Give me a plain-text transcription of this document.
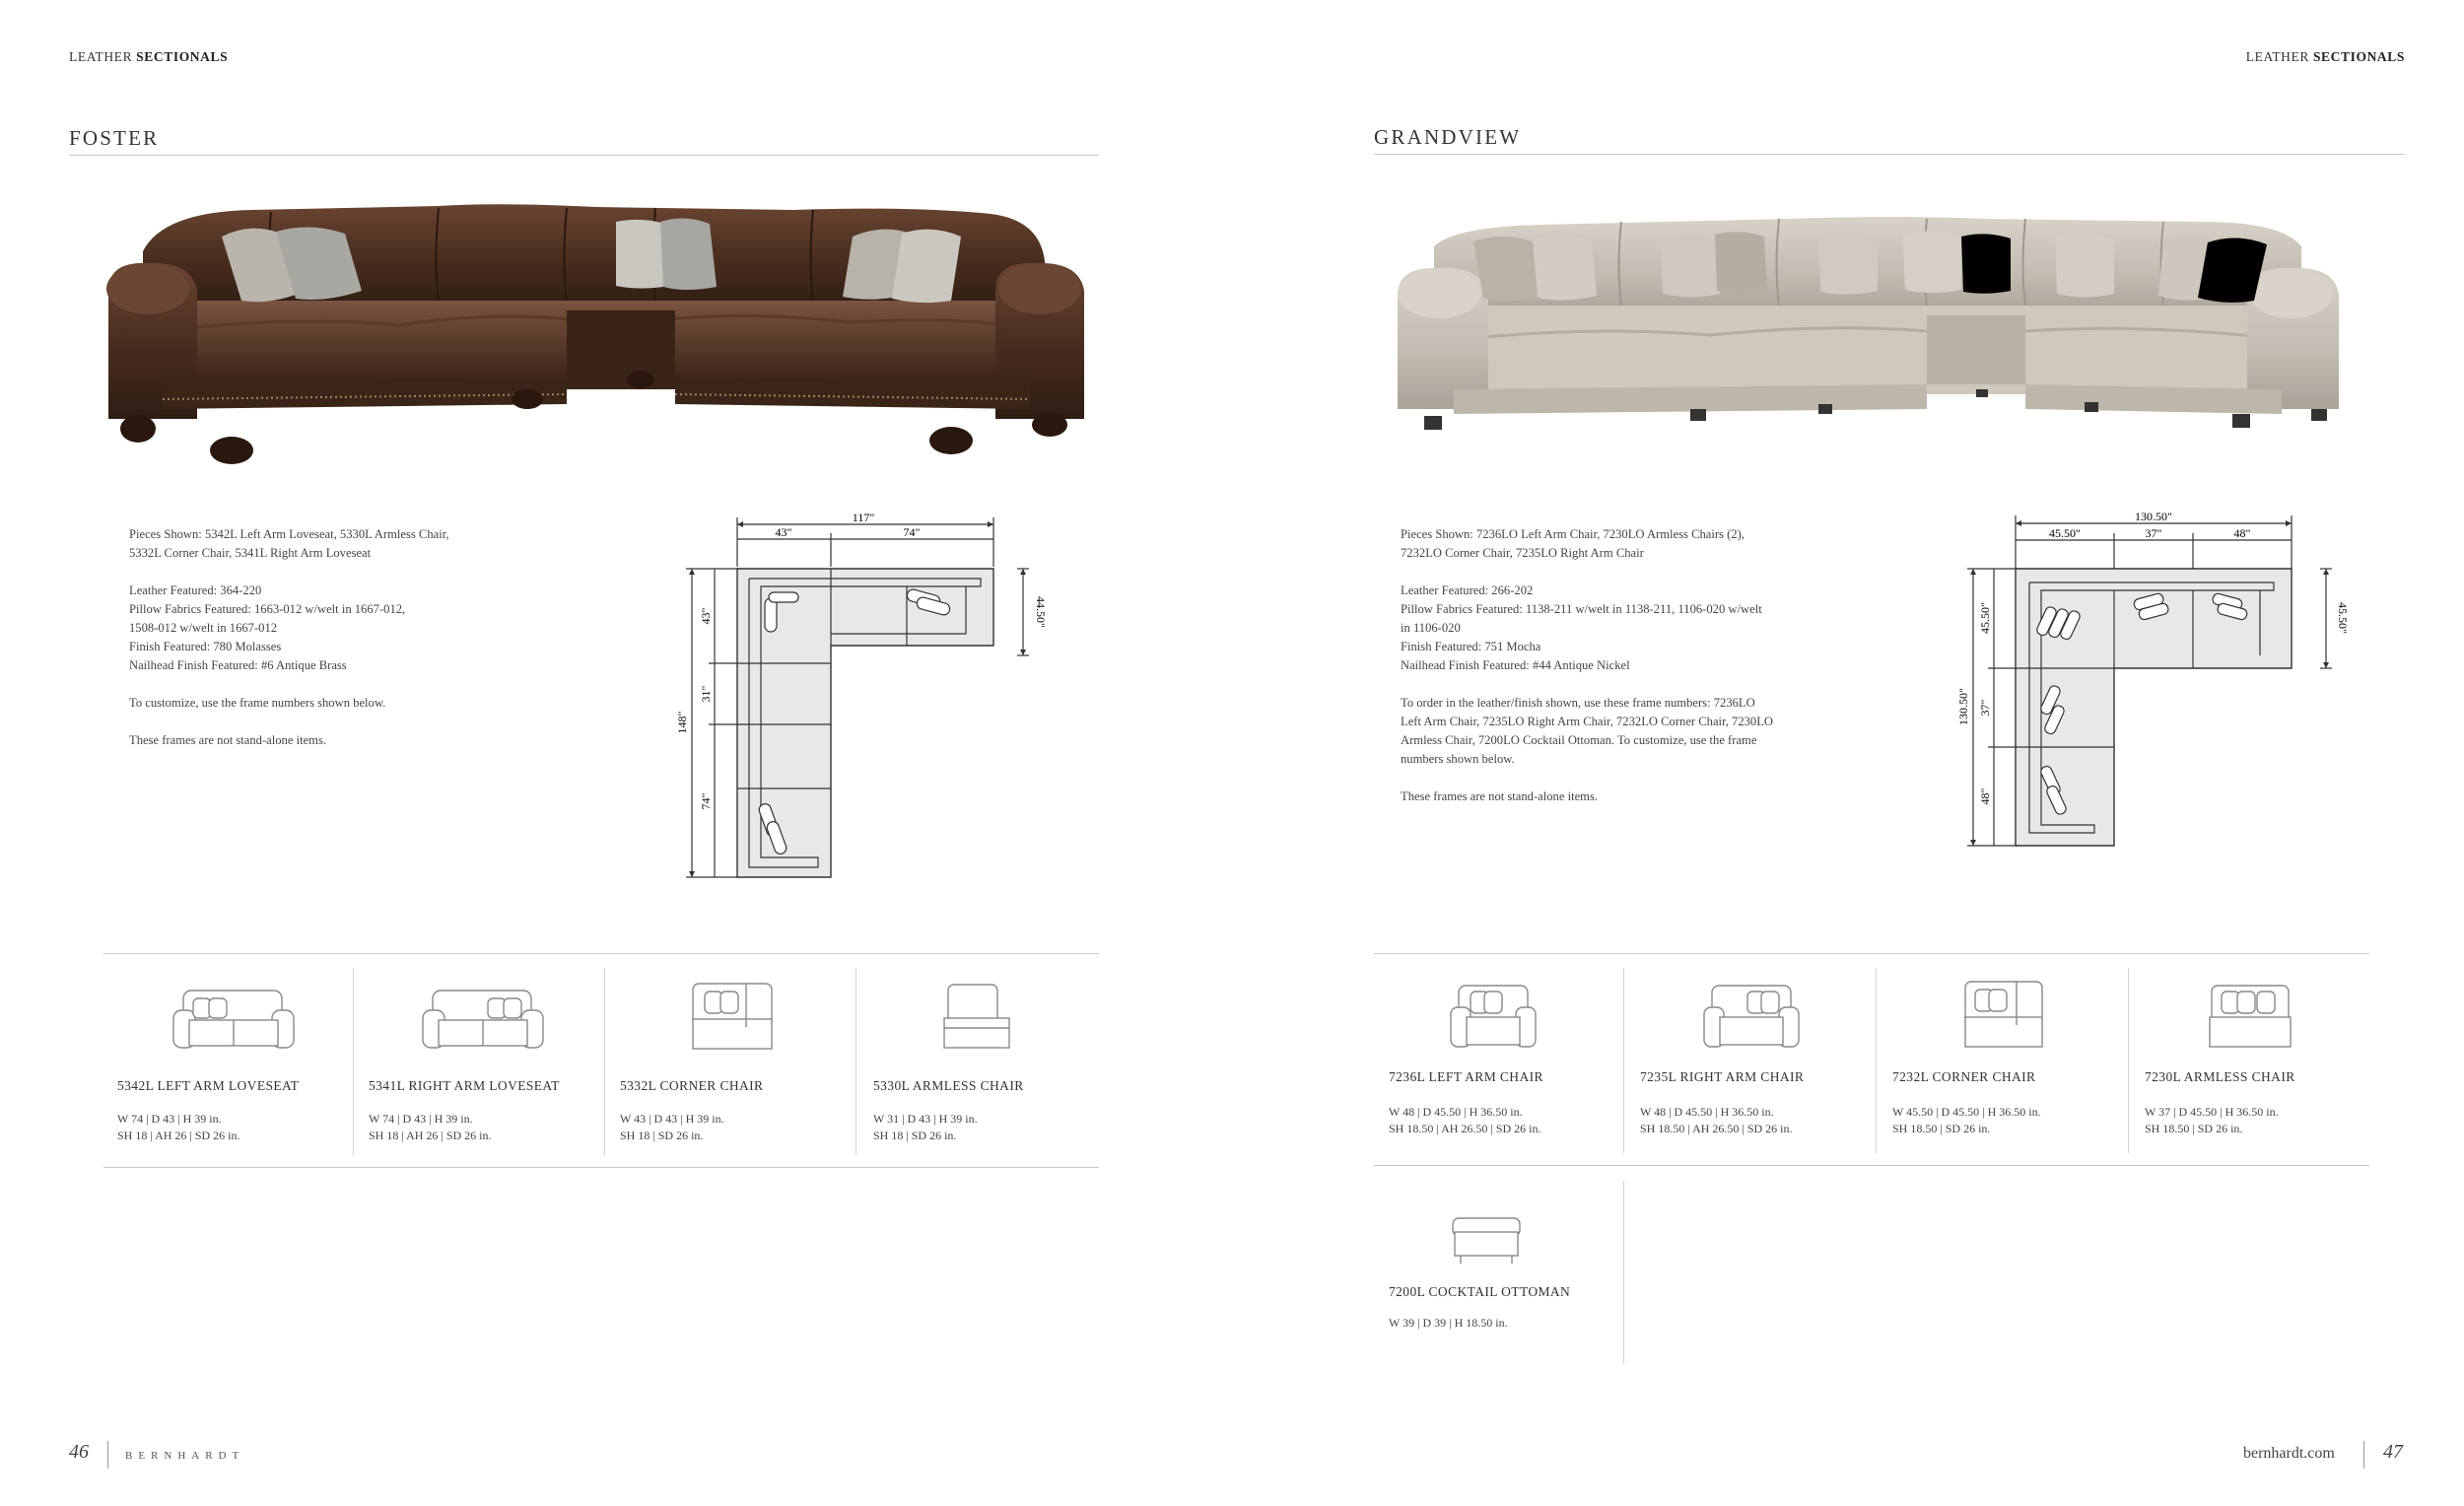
LEATHER SECTIONALS	LEATHER SECTIONALS
FOSTER

Pieces Shown: 5342L Left Arm Loveseat, 5330L Armless Chair,

5332L Corner Chair, 5341L Right Arm Loveseat

Leather Featured: 364-220

Pillow Fabrics Featured: 1663-012 w/welt in 1667-012,

1508-012 w/welt in 1667-012

Finish Featured: 780 Molasses

Nailhead Finish Featured: #6 Antique Brass

To customize, use the frame numbers shown below.

These frames are not stand-alone items.

117"
43"	74"
44.50"
148"
43"
31"
74"
5342L LEFT ARM LOVESEAT
W 74 | D 43 | H 39 in.
SH 18 | AH 26 | SD 26 in.
5341L RIGHT ARM LOVESEAT
W 74 | D 43 | H 39 in.
SH 18 | AH 26 | SD 26 in.
5332L CORNER CHAIR
W 43 | D 43 | H 39 in.
SH 18 | SD 26 in.
5330L ARMLESS CHAIR
W 31 | D 43 | H 39 in.
SH 18 | SD 26 in.
GRANDVIEW

Pieces Shown: 7236LO Left Arm Chair, 7230LO Armless Chairs (2),

7232LO Corner Chair, 7235LO Right Arm Chair

Leather Featured: 266-202

Pillow Fabrics Featured: 1138-211 w/welt in 1138-211, 1106-020 w/welt

in 1106-020

Finish Featured: 751 Mocha

Nailhead Finish Featured: #44 Antique Nickel

To order in the leather/finish shown, use these frame numbers: 7236LO

Left Arm Chair, 7235LO Right Arm Chair, 7232LO Corner Chair, 7230LO

Armless Chair, 7200LO Cocktail Ottoman. To customize, use the frame

numbers shown below.

These frames are not stand-alone items.

130.50"
45.50"	37"	48"
45.50"
130.50"
45.50"
37"
48"
7236L LEFT ARM CHAIR
W 48 | D 45.50 | H 36.50 in.
SH 18.50 | AH 26.50 | SD 26 in.
7235L RIGHT ARM CHAIR
W 48 | D 45.50 | H 36.50 in.
SH 18.50 | AH 26.50 | SD 26 in.
7232L CORNER CHAIR
W 45.50 | D 45.50 | H 36.50 in.
SH 18.50 | SD 26 in.
7230L ARMLESS CHAIR
W 37 | D 45.50 | H 36.50 in.
SH 18.50 | SD 26 in.
7200L COCKTAIL OTTOMAN
W 39 | D 39 | H 18.50 in.
46	BERNHARDT	bernhardt.com 47
